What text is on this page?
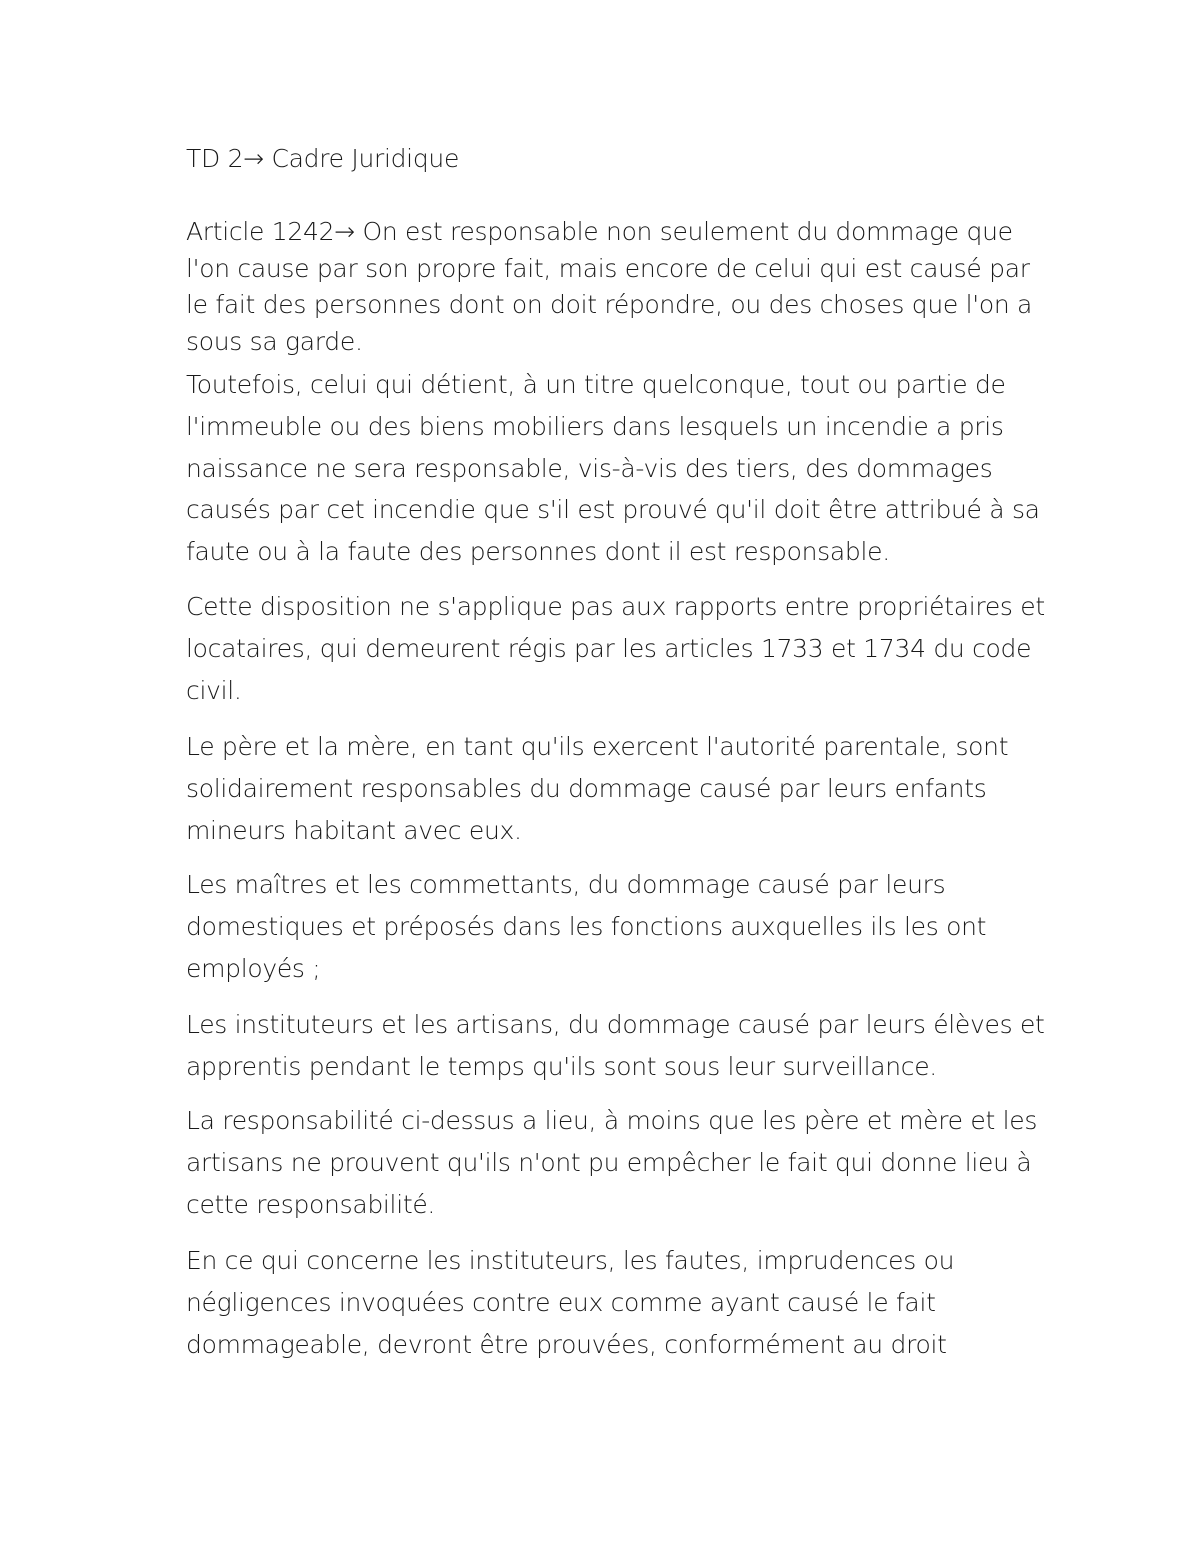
TD 2→ Cadre Juridique

Article 1242→ On est responsable non seulement du dommage que l'on cause par son propre fait, mais encore de celui qui est causé par le fait des personnes dont on doit répondre, ou des choses que l'on a sous sa garde.

Toutefois, celui qui détient, à un titre quelconque, tout ou partie de l'immeuble ou des biens mobiliers dans lesquels un incendie a pris naissance ne sera responsable, vis-à-vis des tiers, des dommages causés par cet incendie que s'il est prouvé qu'il doit être attribué à sa faute ou à la faute des personnes dont il est responsable.

Cette disposition ne s'applique pas aux rapports entre propriétaires et locataires, qui demeurent régis par les articles 1733 et 1734 du code civil.

Le père et la mère, en tant qu'ils exercent l'autorité parentale, sont solidairement responsables du dommage causé par leurs enfants mineurs habitant avec eux.

Les maîtres et les commettants, du dommage causé par leurs domestiques et préposés dans les fonctions auxquelles ils les ont employés ;

Les instituteurs et les artisans, du dommage causé par leurs élèves et apprentis pendant le temps qu'ils sont sous leur surveillance.

La responsabilité ci-dessus a lieu, à moins que les père et mère et les artisans ne prouvent qu'ils n'ont pu empêcher le fait qui donne lieu à cette responsabilité.

En ce qui concerne les instituteurs, les fautes, imprudences ou négligences invoquées contre eux comme ayant causé le fait dommageable, devront être prouvées, conformément au droit
